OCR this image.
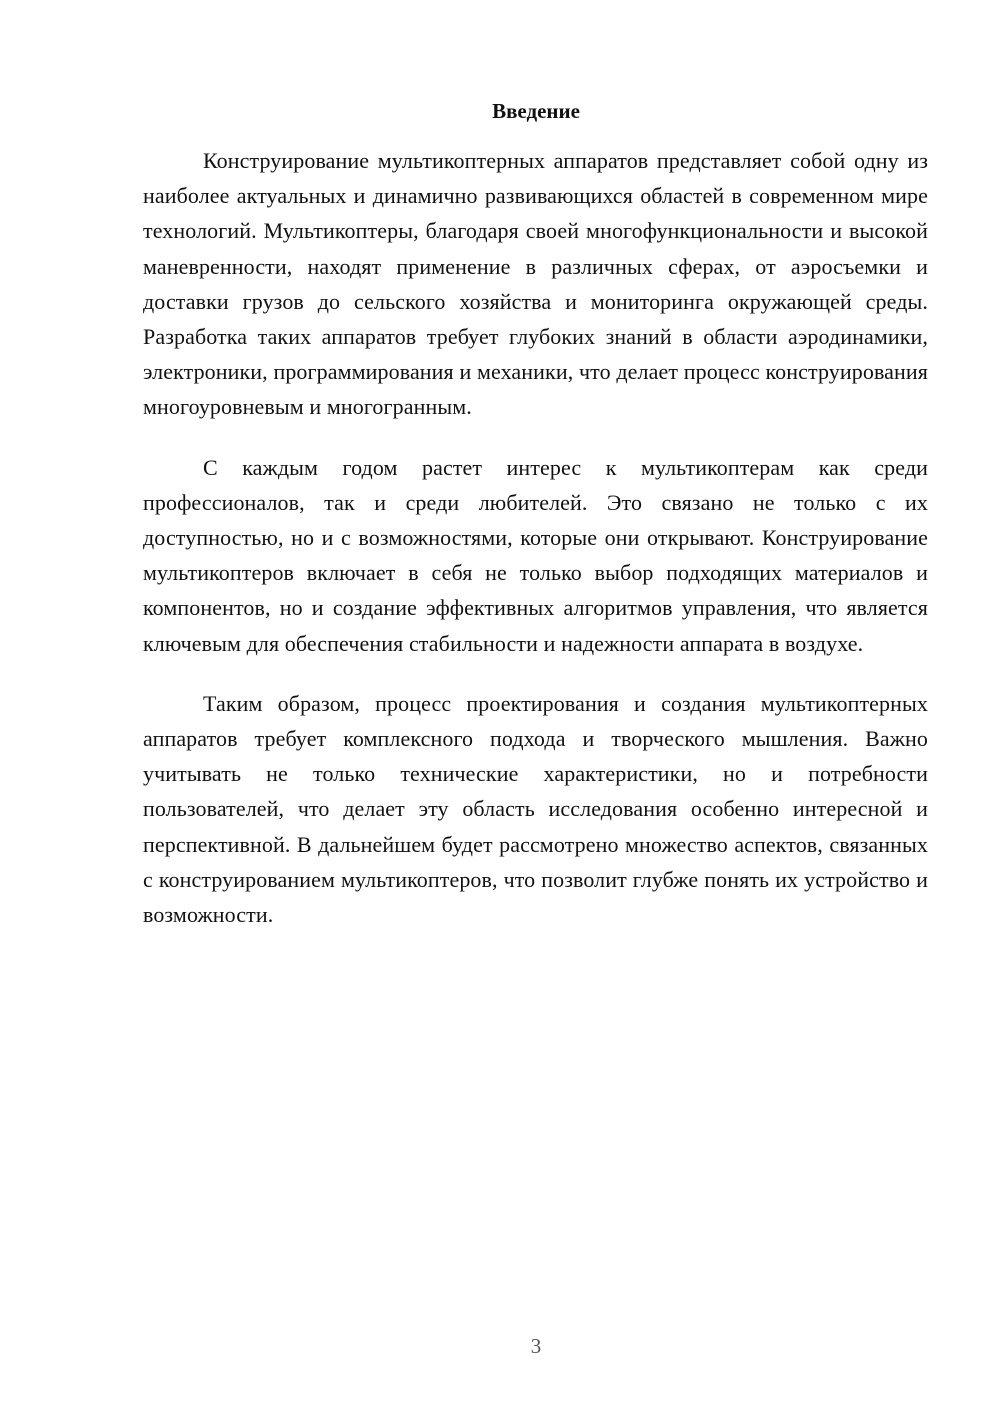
Введение

Конструирование мультикоптерных аппаратов представляет собой одну из наиболее актуальных и динамично развивающихся областей в современном мире технологий. Мультикоптеры, благодаря своей многофункциональности и высокой маневренности, находят применение в различных сферах, от аэросъемки и доставки грузов до сельского хозяйства и мониторинга окружающей среды. Разработка таких аппаратов требует глубоких знаний в области аэродинамики, электроники, программирования и механики, что делает процесс конструирования многоуровневым и многогранным.

С каждым годом растет интерес к мультикоптерам как среди профессионалов, так и среди любителей. Это связано не только с их доступностью, но и с возможностями, которые они открывают. Конструирование мультикоптеров включает в себя не только выбор подходящих материалов и компонентов, но и создание эффективных алгоритмов управления, что является ключевым для обеспечения стабильности и надежности аппарата в воздухе.

Таким образом, процесс проектирования и создания мультикоптерных аппаратов требует комплексного подхода и творческого мышления. Важно учитывать не только технические характеристики, но и потребности пользователей, что делает эту область исследования особенно интересной и перспективной. В дальнейшем будет рассмотрено множество аспектов, связанных с конструированием мультикоптеров, что позволит глубже понять их устройство и возможности.

3
